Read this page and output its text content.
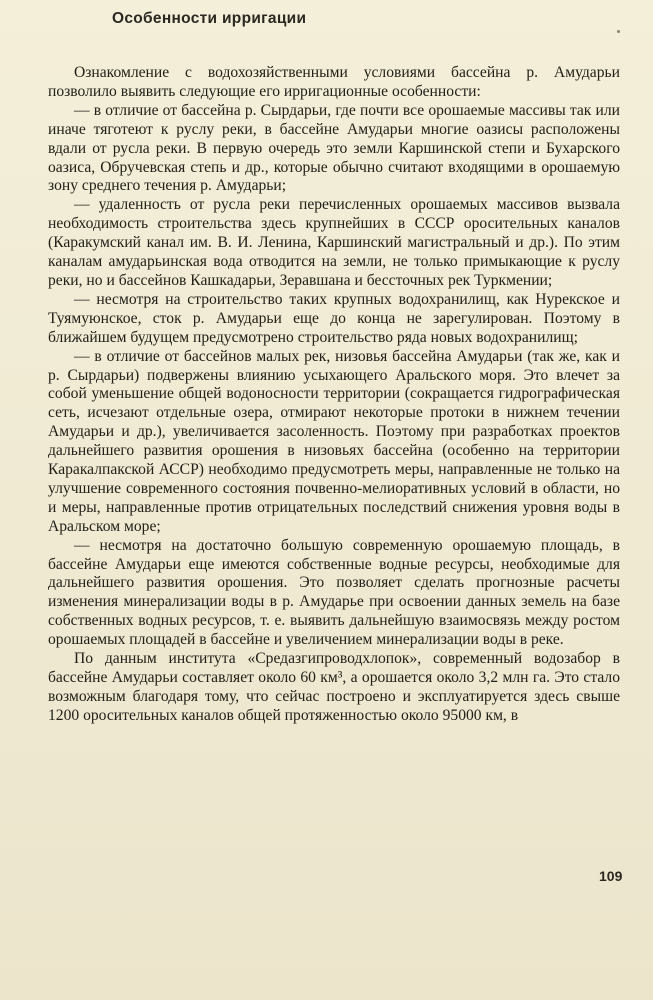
Особенности ирригации

Ознакомление с водохозяйственными условиями бассейна р. Амударьи позволило выявить следующие его ирригационные особенности:

— в отличие от бассейна р. Сырдарьи, где почти все орошаемые массивы так или иначе тяготеют к руслу реки, в бассейне Амударьи многие оазисы расположены вдали от русла реки. В первую очередь это земли Каршинской степи и Бухарского оазиса, Обручевская степь и др., которые обычно считают входящими в орошаемую зону среднего течения р. Амударьи;

— удаленность от русла реки перечисленных орошаемых массивов вызвала необходимость строительства здесь крупнейших в СССР оросительных каналов (Каракумский канал им. В. И. Ленина, Каршинский магистральный и др.). По этим каналам амударьинская вода отводится на земли, не только примыкающие к руслу реки, но и бассейнов Кашкадарьи, Зеравшана и бессточных рек Туркмении;

— несмотря на строительство таких крупных водохранилищ, как Нурекское и Туямуюнское, сток р. Амударьи еще до конца не зарегулирован. Поэтому в ближайшем будущем предусмотрено строительство ряда новых водохранилищ;

— в отличие от бассейнов малых рек, низовья бассейна Амударьи (так же, как и р. Сырдарьи) подвержены влиянию усыхающего Аральского моря. Это влечет за собой уменьшение общей водоносности территории (сокращается гидрографическая сеть, исчезают отдельные озера, отмирают некоторые протоки в нижнем течении Амударьи и др.), увеличивается засоленность. Поэтому при разработках проектов дальнейшего развития орошения в низовьях бассейна (особенно на территории Каракалпакской АССР) необходимо предусмотреть меры, направленные не только на улучшение современного состояния почвенно-мелиоративных условий в области, но и меры, направленные против отрицательных последствий снижения уровня воды в Аральском море;

— несмотря на достаточно большую современную орошаемую площадь, в бассейне Амударьи еще имеются собственные водные ресурсы, необходимые для дальнейшего развития орошения. Это позволяет сделать прогнозные расчеты изменения минерализации воды в р. Амударье при освоении данных земель на базе собственных водных ресурсов, т. е. выявить дальнейшую взаимосвязь между ростом орошаемых площадей в бассейне и увеличением минерализации воды в реке.

По данным института «Средазгипроводхлопок», современный водозабор в бассейне Амударьи составляет около 60 км³, а орошается около 3,2 млн га. Это стало возможным благодаря тому, что сейчас построено и эксплуатируется здесь свыше 1200 оросительных каналов общей протяженностью около 95000 км, в

109
